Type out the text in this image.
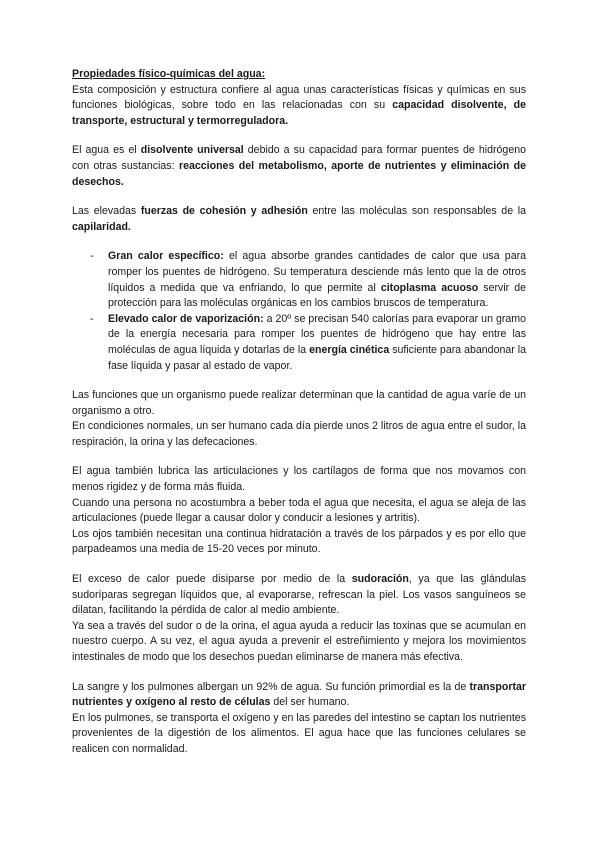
Propiedades físico-químicas del agua:

Esta composición y estructura confiere al agua unas características físicas y químicas en sus funciones biológicas, sobre todo en las relacionadas con su capacidad disolvente, de transporte, estructural y termorreguladora.

El agua es el disolvente universal debido a su capacidad para formar puentes de hidrógeno con otras sustancias: reacciones del metabolismo, aporte de nutrientes y eliminación de desechos.

Las elevadas fuerzas de cohesión y adhesión entre las moléculas son responsables de la capilaridad.

- Gran calor específico: el agua absorbe grandes cantidades de calor que usa para romper los puentes de hidrógeno. Su temperatura desciende más lento que la de otros líquidos a medida que va enfriando, lo que permite al citoplasma acuoso servir de protección para las moléculas orgánicas en los cambios bruscos de temperatura.
- Elevado calor de vaporización: a 20º se precisan 540 calorías para evaporar un gramo de la energía necesaria para romper los puentes de hidrógeno que hay entre las moléculas de agua líquida y dotarlas de la energía cinética suficiente para abandonar la fase líquida y pasar al estado de vapor.

Las funciones que un organismo puede realizar determinan que la cantidad de agua varíe de un organismo a otro.

En condiciones normales, un ser humano cada día pierde unos 2 litros de agua entre el sudor, la respiración, la orina y las defecaciones.

El agua también lubrica las articulaciones y los cartílagos de forma que nos movamos con menos rigidez y de forma más fluida.

Cuando una persona no acostumbra a beber toda el agua que necesita, el agua se aleja de las articulaciones (puede llegar a causar dolor y conducir a lesiones y artritis).

Los ojos también necesitan una continua hidratación a través de los párpados y es por ello que parpadeamos una media de 15-20 veces por minuto.

El exceso de calor puede disiparse por medio de la sudoración, ya que las glándulas sudoríparas segregan líquidos que, al evaporarse, refrescan la piel. Los vasos sanguíneos se dilatan, facilitando la pérdida de calor al medio ambiente.

Ya sea a través del sudor o de la orina, el agua ayuda a reducir las toxinas que se acumulan en nuestro cuerpo. A su vez, el agua ayuda a prevenir el estreñimiento y mejora los movimientos intestinales de modo que los desechos puedan eliminarse de manera más efectiva.

La sangre y los pulmones albergan un 92% de agua. Su función primordial es la de transportar nutrientes y oxígeno al resto de células del ser humano.

En los pulmones, se transporta el oxígeno y en las paredes del intestino se captan los nutrientes provenientes de la digestión de los alimentos. El agua hace que las funciones celulares se realicen con normalidad.
